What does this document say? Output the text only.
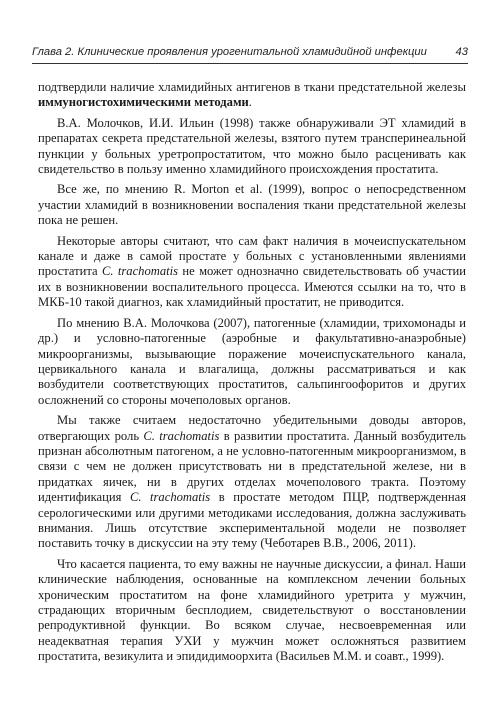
Глава 2. Клинические проявления урогенитальной хламидийной инфекции	43

подтвердили наличие хламидийных антигенов в ткани предстательной железы иммуногистохимическими методами.

В.А. Молочков, И.И. Ильин (1998) также обнаруживали ЭТ хламидий в препаратах секрета предстательной железы, взятого путем трансперинеальной пункции у больных уретропростатитом, что можно было расценивать как свидетельство в пользу именно хламидийного происхождения простатита.

Все же, по мнению R. Morton et al. (1999), вопрос о непосредственном участии хламидий в возникновении воспаления ткани предстательной железы пока не решен.

Некоторые авторы считают, что сам факт наличия в мочеиспускательном канале и даже в самой простате у больных с установленными явлениями простатита C. trachomatis не может однозначно свидетельствовать об участии их в возникновении воспалительного процесса. Имеются ссылки на то, что в МКБ-10 такой диагноз, как хламидийный простатит, не приводится.

По мнению В.А. Молочкова (2007), патогенные (хламидии, трихомонады и др.) и условно-патогенные (аэробные и факультативно-анаэробные) микроорганизмы, вызывающие поражение мочеиспускательного канала, цервикального канала и влагалища, должны рассматриваться и как возбудители соответствующих простатитов, сальпингоофоритов и других осложнений со стороны мочеполовых органов.

Мы также считаем недостаточно убедительными доводы авторов, отвергающих роль C. trachomatis в развитии простатита. Данный возбудитель признан абсолютным патогеном, а не условно-патогенным микроорганизмом, в связи с чем не должен присутствовать ни в предстательной железе, ни в придатках яичек, ни в других отделах мочеполового тракта. Поэтому идентификация C. trachomatis в простате методом ПЦР, подтвержденная серологическими или другими методиками исследования, должна заслуживать внимания. Лишь отсутствие экспериментальной модели не позволяет поставить точку в дискуссии на эту тему (Чеботарев В.В., 2006, 2011).

Что касается пациента, то ему важны не научные дискуссии, а финал. Наши клинические наблюдения, основанные на комплексном лечении больных хроническим простатитом на фоне хламидийного уретрита у мужчин, страдающих вторичным бесплодием, свидетельствуют о восстановлении репродуктивной функции. Во всяком случае, несвоевременная или неадекватная терапия УХИ у мужчин может осложняться развитием простатита, везикулита и эпидидимоорхита (Васильев М.М. и соавт., 1999).
